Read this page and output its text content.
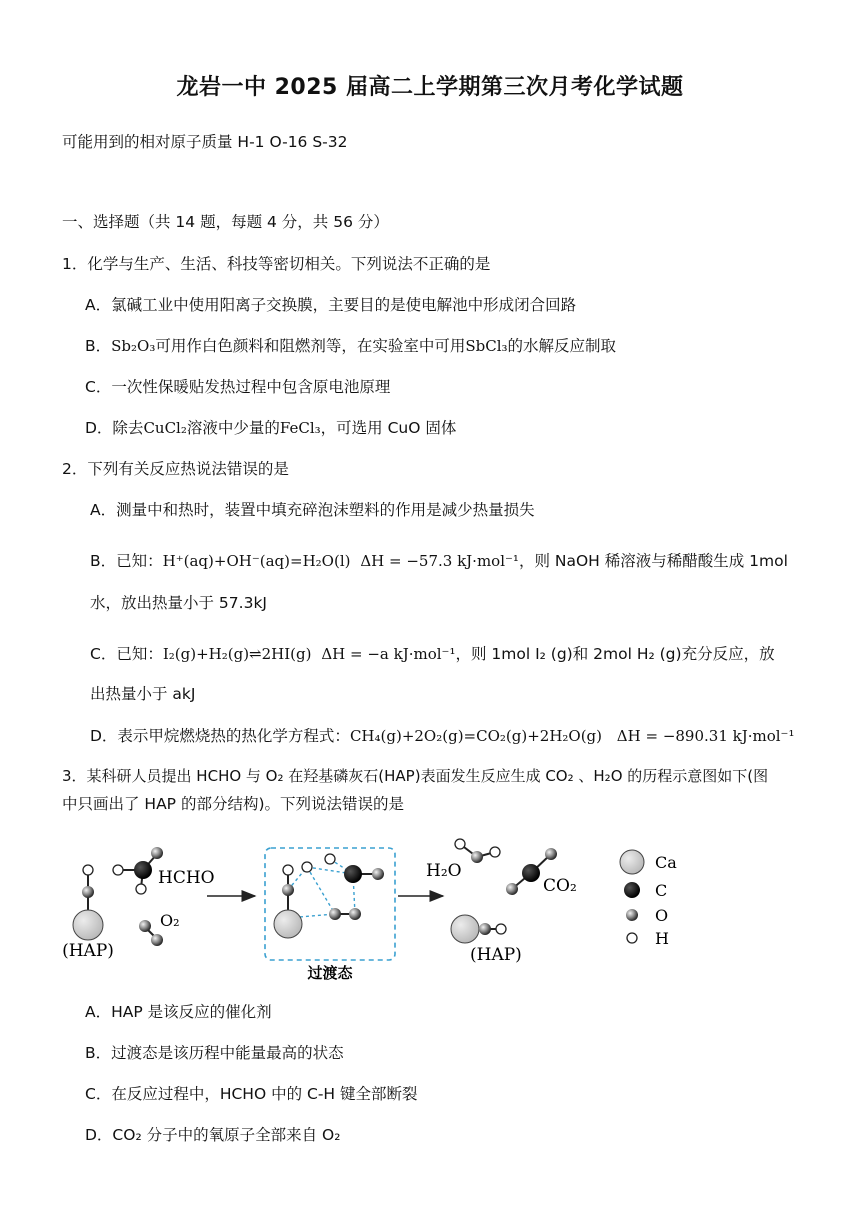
龙岩一中 2025 届高二上学期第三次月考化学试题
可能用到的相对原子质量 H-1 O-16 S-32
一、选择题（共 14 题，每题 4 分，共 56 分）
1．化学与生产、生活、科技等密切相关。下列说法不正确的是
A．氯碱工业中使用阳离子交换膜，主要目的是使电解池中形成闭合回路
B．Sb₂O₃可用作白色颜料和阻燃剂等，在实验室中可用SbCl₃的水解反应制取
C．一次性保暖贴发热过程中包含原电池原理
D．除去CuCl₂溶液中少量的FeCl₃，可选用 CuO 固体
2．下列有关反应热说法错误的是
A．测量中和热时，装置中填充碎泡沫塑料的作用是减少热量损失
B．已知：H⁺(aq)+OH⁻(aq)=H₂O(l) ΔH = −57.3 kJ·mol⁻¹，则 NaOH 稀溶液与稀醋酸生成 1mol
水，放出热量小于 57.3kJ
C．已知：I₂(g)+H₂(g)⇌2HI(g) ΔH = −a kJ·mol⁻¹，则 1mol I₂ (g)和 2mol H₂ (g)充分反应，放
出热量小于 akJ
D．表示甲烷燃烧热的热化学方程式：CH₄(g)+2O₂(g)=CO₂(g)+2H₂O(g) ΔH = −890.31 kJ·mol⁻¹
3．某科研人员提出 HCHO 与 O₂ 在羟基磷灰石(HAP)表面发生反应生成 CO₂ 、H₂O 的历程示意图如下(图
中只画出了 HAP 的部分结构)。下列说法错误的是
(HAP)
HCHO
O₂
过渡态
H₂O
CO₂
(HAP)
Ca
C
O
H
A．HAP 是该反应的催化剂
B．过渡态是该历程中能量最高的状态
C．在反应过程中，HCHO 中的 C-H 键全部断裂
D．CO₂ 分子中的氧原子全部来自 O₂
